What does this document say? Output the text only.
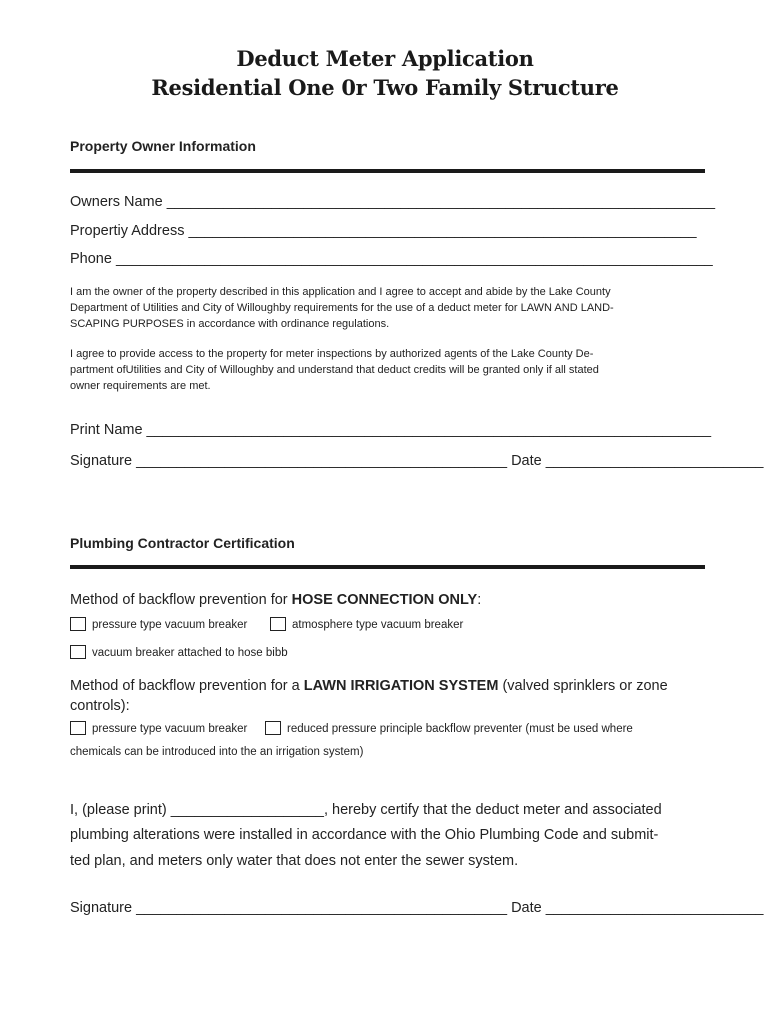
Deduct Meter Application
Residential One 0r Two Family Structure
Property Owner Information
Owners Name ____________________________________________________________________
Propertiy Address _______________________________________________________________
Phone __________________________________________________________________________
I am the owner of the property described in this application and I agree to accept and abide by the Lake County
Department of Utilities and City of Willoughby requirements for the use of a deduct meter for LAWN AND LAND-
SCAPING PURPOSES in accordance with ordinance regulations.
I agree to provide access to the property for meter inspections by authorized agents of the Lake County De-
partment ofUtilities and City of Willoughby and understand that deduct credits will be granted only if all stated
owner requirements are met.
Print Name ______________________________________________________________________
Signature ______________________________________________ Date ___________________________
Plumbing Contractor Certification
Method of backflow prevention for HOSE CONNECTION ONLY:
pressure type vacuum breaker	atmosphere type vacuum breaker
vacuum breaker attached to hose bibb
Method of backflow prevention for a LAWN IRRIGATION SYSTEM (valved sprinklers or zone
controls):
pressure type vacuum breaker	reduced pressure principle backflow preventer (must be used where
chemicals can be introduced into the an irrigation system)
I, (please print) ___________________, hereby certify that the deduct meter and associated
plumbing alterations were installed in accordance with the Ohio Plumbing Code and submit-
ted plan, and meters only water that does not enter the sewer system.
Signature ______________________________________________ Date ___________________________
